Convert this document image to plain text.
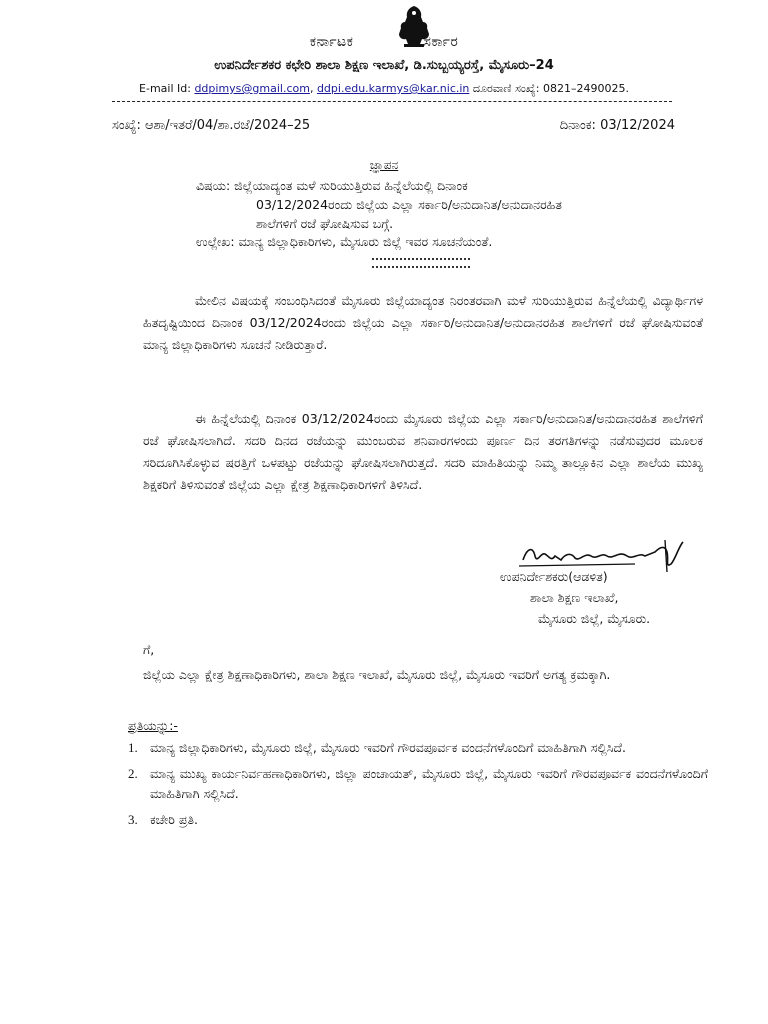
ಕರ್ನಾಟಕ	ಸರ್ಕಾರ
ಉಪನಿರ್ದೇಶಕರ ಕಛೇರಿ ಶಾಲಾ ಶಿಕ್ಷಣ ಇಲಾಖೆ, ಡಿ.ಸುಬ್ಬಯ್ಯರಸ್ತೆ, ಮೈಸೂರು–24
E-mail Id: ddpimys@gmail.com, ddpi.edu.karmys@kar.nic.in ದೂರವಾಣಿ ಸಂಖ್ಯೆ: 0821–2490025.
ಸಂಖ್ಯೆ: ಆಶಾ/ಇತರೆ/04/ಶಾ.ರಜೆ/2024–25	ದಿನಾಂಕ: 03/12/2024
ಜ್ಞಾಪನ
ವಿಷಯ: ಜಿಲ್ಲೆಯಾದ್ಯಂತ ಮಳೆ ಸುರಿಯುತ್ತಿರುವ ಹಿನ್ನೆಲೆಯಲ್ಲಿ ದಿನಾಂಕ
03/12/2024ರಂದು ಜಿಲ್ಲೆಯ ಎಲ್ಲಾ ಸರ್ಕಾರಿ/ಅನುದಾನಿತ/ಅನುದಾನರಹಿತ
ಶಾಲೆಗಳಿಗೆ ರಜೆ ಘೋಷಿಸುವ ಬಗ್ಗೆ.
ಉಲ್ಲೇಖ: ಮಾನ್ಯ ಜಿಲ್ಲಾಧಿಕಾರಿಗಳು, ಮೈಸೂರು ಜಿಲ್ಲೆ ಇವರ ಸೂಚನೆಯಂತೆ.
ಮೇಲಿನ ವಿಷಯಕ್ಕೆ ಸಂಬಂಧಿಸಿದಂತೆ ಮೈಸೂರು ಜಿಲ್ಲೆಯಾದ್ಯಂತ ನಿರಂತರವಾಗಿ ಮಳೆ ಸುರಿಯುತ್ತಿರುವ ಹಿನ್ನೆಲೆಯಲ್ಲಿ ವಿದ್ಯಾರ್ಥಿಗಳ ಹಿತದೃಷ್ಟಿಯಿಂದ ದಿನಾಂಕ 03/12/2024ರಂದು ಜಿಲ್ಲೆಯ ಎಲ್ಲಾ ಸರ್ಕಾರಿ/ಅನುದಾನಿತ/ಅನುದಾನರಹಿತ ಶಾಲೆಗಳಿಗೆ ರಜೆ ಘೋಷಿಸುವಂತೆ ಮಾನ್ಯ ಜಿಲ್ಲಾಧಿಕಾರಿಗಳು ಸೂಚನೆ ನೀಡಿರುತ್ತಾರೆ.
ಈ ಹಿನ್ನೆಲೆಯಲ್ಲಿ ದಿನಾಂಕ 03/12/2024ರಂದು ಮೈಸೂರು ಜಿಲ್ಲೆಯ ಎಲ್ಲಾ ಸರ್ಕಾರಿ/ಅನುದಾನಿತ/ಅನುದಾನರಹಿತ ಶಾಲೆಗಳಿಗೆ ರಜೆ ಘೋಷಿಸಲಾಗಿದೆ. ಸದರಿ ದಿನದ ರಜೆಯನ್ನು ಮುಂಬರುವ ಶನಿವಾರಗಳಂದು ಪೂರ್ಣ ದಿನ ತರಗತಿಗಳನ್ನು ನಡೆಸುವುದರ ಮೂಲಕ ಸರಿದೂಗಿಸಿಕೊಳ್ಳುವ ಷರತ್ತಿಗೆ ಒಳಪಟ್ಟು ರಜೆಯನ್ನು ಘೋಷಿಸಲಾಗಿರುತ್ತದೆ. ಸದರಿ ಮಾಹಿತಿಯನ್ನು ನಿಮ್ಮ ತಾಲ್ಲೂಕಿನ ಎಲ್ಲಾ ಶಾಲೆಯ ಮುಖ್ಯ ಶಿಕ್ಷಕರಿಗೆ ತಿಳಿಸುವಂತೆ ಜಿಲ್ಲೆಯ ಎಲ್ಲಾ ಕ್ಷೇತ್ರ ಶಿಕ್ಷಣಾಧಿಕಾರಿಗಳಿಗೆ ತಿಳಿಸಿದೆ.
ಉಪನಿರ್ದೇಶಕರು(ಆಡಳಿತ)
ಶಾಲಾ ಶಿಕ್ಷಣ ಇಲಾಖೆ,
ಮೈಸೂರು ಜಿಲ್ಲೆ, ಮೈಸೂರು.
ಗೆ,
ಜಿಲ್ಲೆಯ ಎಲ್ಲಾ ಕ್ಷೇತ್ರ ಶಿಕ್ಷಣಾಧಿಕಾರಿಗಳು, ಶಾಲಾ ಶಿಕ್ಷಣ ಇಲಾಖೆ, ಮೈಸೂರು ಜಿಲ್ಲೆ, ಮೈಸೂರು ಇವರಿಗೆ ಅಗತ್ಯ ಕ್ರಮಕ್ಕಾಗಿ.
ಪ್ರತಿಯನ್ನು:-
1. ಮಾನ್ಯ ಜಿಲ್ಲಾಧಿಕಾರಿಗಳು, ಮೈಸೂರು ಜಿಲ್ಲೆ, ಮೈಸೂರು ಇವರಿಗೆ ಗೌರವಪೂರ್ವಕ ವಂದನೆಗಳೊಂದಿಗೆ ಮಾಹಿತಿಗಾಗಿ ಸಲ್ಲಿಸಿದೆ.
2. ಮಾನ್ಯ ಮುಖ್ಯ ಕಾರ್ಯನಿರ್ವಹಣಾಧಿಕಾರಿಗಳು, ಜಿಲ್ಲಾ ಪಂಚಾಯತ್, ಮೈಸೂರು ಜಿಲ್ಲೆ, ಮೈಸೂರು ಇವರಿಗೆ ಗೌರವಪೂರ್ವಕ ವಂದನೆಗಳೊಂದಿಗೆ ಮಾಹಿತಿಗಾಗಿ ಸಲ್ಲಿಸಿದೆ.
3. ಕಚೇರಿ ಪ್ರತಿ.
